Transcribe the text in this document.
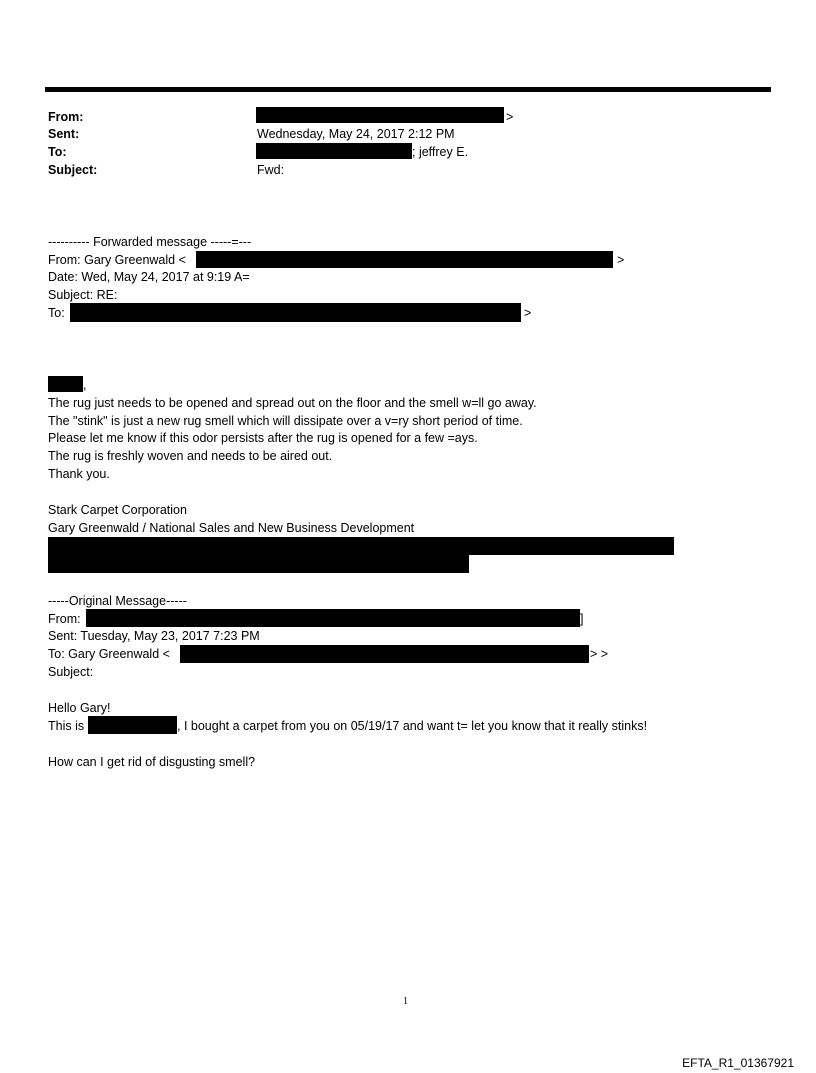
From:	>
Sent:	Wednesday, May 24, 2017 2:12 PM
To:	; jeffrey E.
Subject:	Fwd:
---------- Forwarded message -----=---
From: Gary Greenwald <	>
Date: Wed, May 24, 2017 at 9:19 A=
Subject: RE:
To:	>
,
The rug just needs to be opened and spread out on the floor and the smell w=ll go away.
The "stink" is just a new rug smell which will dissipate over a v=ry short period of time.
Please let me know if this odor persists after the rug is opened for a few =ays.
The rug is freshly woven and needs to be aired out.
Thank you.
Stark Carpet Corporation
Gary Greenwald / National Sales and New Business Development
-----Original Message-----
From:	]
Sent: Tuesday, May 23, 2017 7:23 PM
To: Gary Greenwald <	> >
Subject:
Hello Gary!
This is	, I bought a carpet from you on 05/19/17 and want t= let you know that it really stinks!
How can I get rid of disgusting smell?
1
EFTA_R1_01367921
